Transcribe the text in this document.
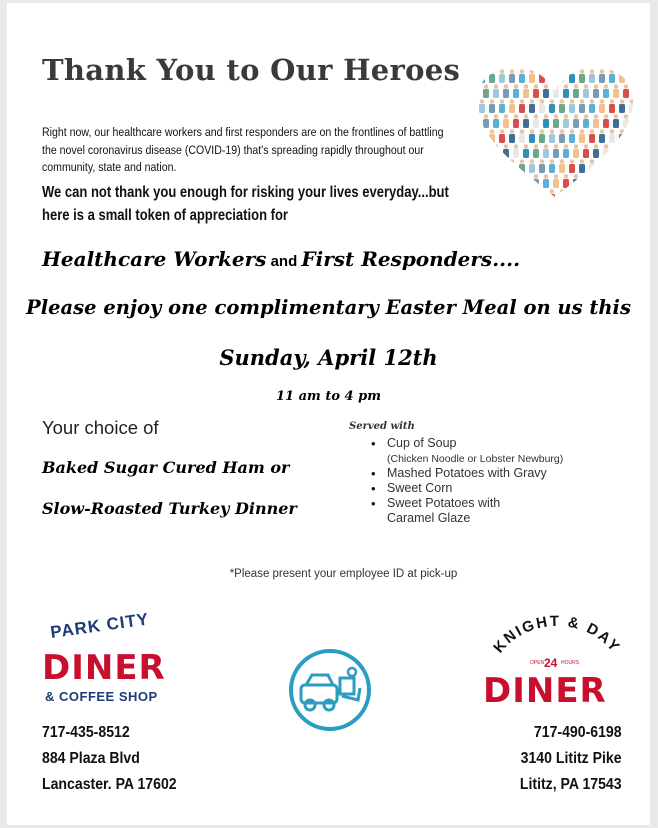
Thank You to Our Heroes

Right now, our healthcare workers and first responders are on the frontlines of battling the novel coronavirus disease (COVID-19) that's spreading rapidly throughout our community, state and nation.

We can not thank you enough for risking your lives everyday...but here is a small token of appreciation for

Healthcare Workers and First Responders....
Please enjoy one complimentary Easter Meal on us this
Sunday, April 12th
11 am to 4 pm
Your choice of
Baked Sugar Cured Ham or
Slow-Roasted Turkey Dinner
Served with
• Cup of Soup
(Chicken Noodle or Lobster Newburg)
• Mashed Potatoes with Gravy
• Sweet Corn
• Sweet Potatoes with
Caramel Glaze
*Please present your employee ID at pick-up
PARK CITY
DINER
& COFFEE SHOP
717-435-8512
884 Plaza Blvd
Lancaster. PA 17602
KNIGHT & DAY
OPEN 24 HOURS
DINER
717-490-6198
3140 Lititz Pike
Lititz, PA 17543
